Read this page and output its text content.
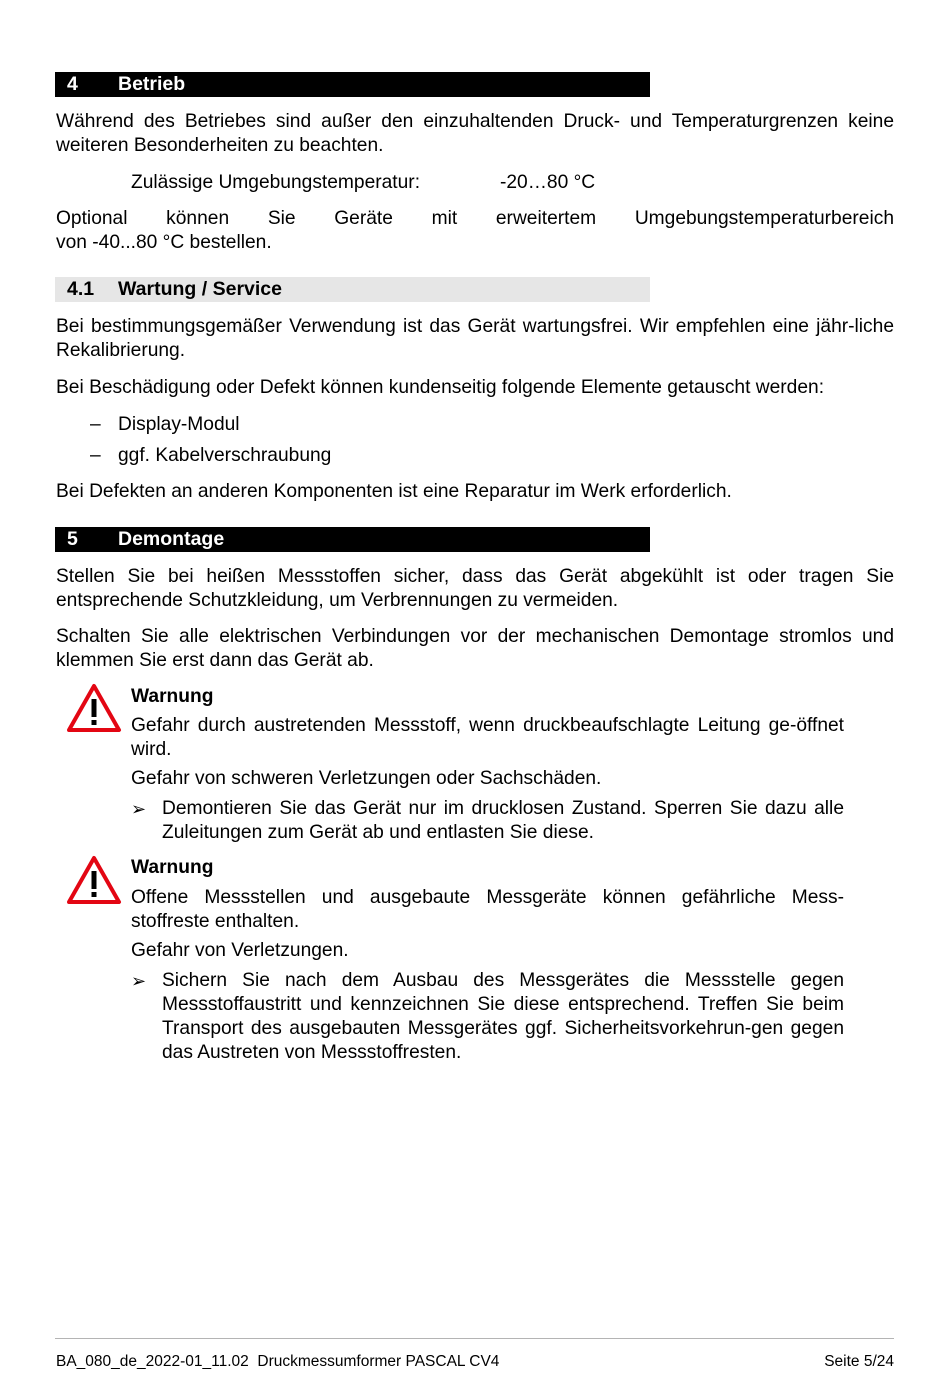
4 Betrieb
Während des Betriebes sind außer den einzuhaltenden Druck- und Temperaturgrenzen keine weiteren Besonderheiten zu beachten.
Zulässige Umgebungstemperatur:	-20…80 °C
Optional können Sie Geräte mit erweitertem Umgebungstemperaturbereich
von -40...80 °C bestellen.
4.1 Wartung / Service
Bei bestimmungsgemäßer Verwendung ist das Gerät wartungsfrei. Wir empfehlen eine jähr-liche Rekalibrierung.
Bei Beschädigung oder Defekt können kundenseitig folgende Elemente getauscht werden:
– Display-Modul
– ggf. Kabelverschraubung
Bei Defekten an anderen Komponenten ist eine Reparatur im Werk erforderlich.
5 Demontage
Stellen Sie bei heißen Messstoffen sicher, dass das Gerät abgekühlt ist oder tragen Sie entsprechende Schutzkleidung, um Verbrennungen zu vermeiden.
Schalten Sie alle elektrischen Verbindungen vor der mechanischen Demontage stromlos und klemmen Sie erst dann das Gerät ab.
Warnung
Gefahr durch austretenden Messstoff, wenn druckbeaufschlagte Leitung ge-öffnet wird.
Gefahr von schweren Verletzungen oder Sachschäden.
➢ Demontieren Sie das Gerät nur im drucklosen Zustand. Sperren Sie dazu alle Zuleitungen zum Gerät ab und entlasten Sie diese.
Warnung
Offene Messstellen und ausgebaute Messgeräte können gefährliche Mess-stoffreste enthalten.
Gefahr von Verletzungen.
➢ Sichern Sie nach dem Ausbau des Messgerätes die Messstelle gegen Messstoffaustritt und kennzeichnen Sie diese entsprechend. Treffen Sie beim Transport des ausgebauten Messgerätes ggf. Sicherheitsvorkehrun-gen gegen das Austreten von Messstoffresten.
BA_080_de_2022-01_11.02  Druckmessumformer PASCAL CV4	Seite 5/24
